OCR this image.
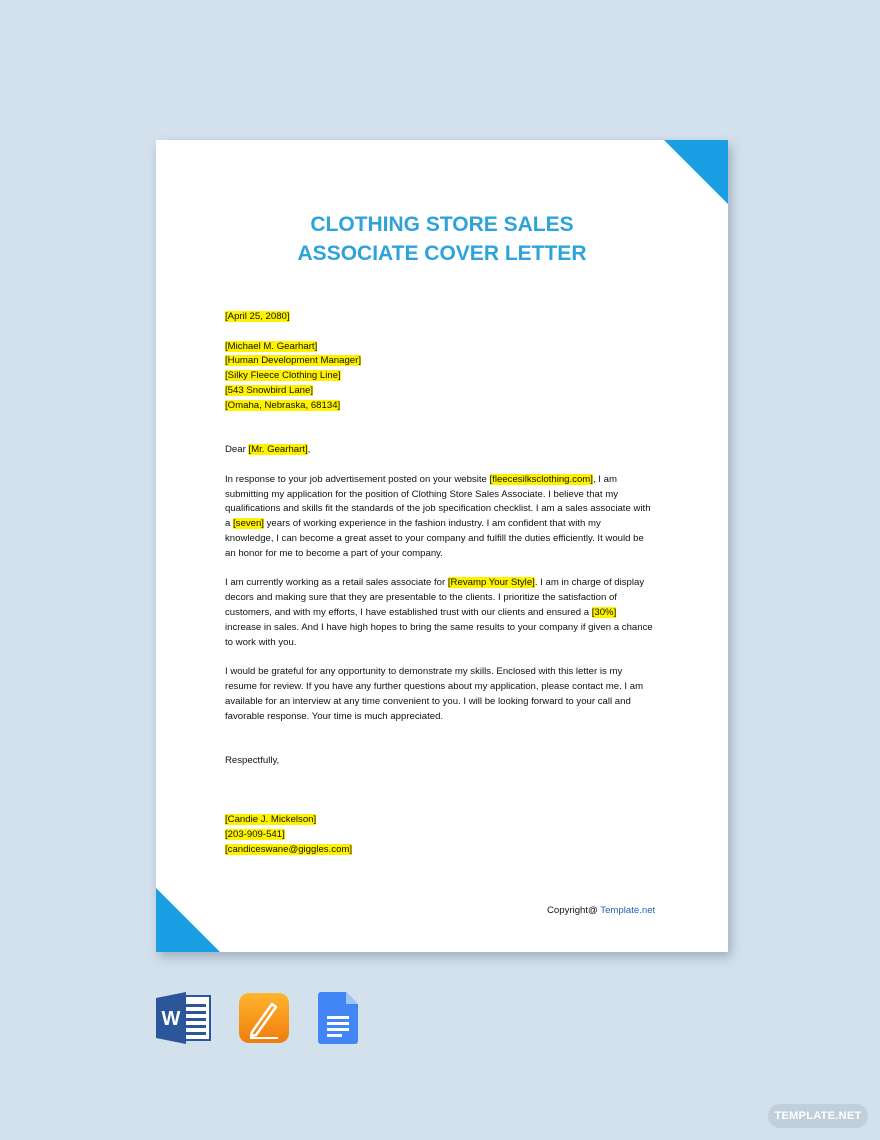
CLOTHING STORE SALES
ASSOCIATE COVER LETTER

[April 25, 2080]

[Michael M. Gearhart]

[Human Development Manager]

[Silky Fleece Clothing Line]

[543 Snowbird Lane]

[Omaha, Nebraska, 68134]

Dear [Mr. Gearhart],

In response to your job advertisement posted on your website [fleecesilksclothing.com], I am

submitting my application for the position of Clothing Store Sales Associate. I believe that my

qualifications and skills fit the standards of the job specification checklist. I am a sales associate with

a [seven] years of working experience in the fashion industry. I am confident that with my

knowledge, I can become a great asset to your company and fulfill the duties efficiently. It would be

an honor for me to become a part of your company.

I am currently working as a retail sales associate for [Revamp Your Style]. I am in charge of display

decors and making sure that they are presentable to the clients. I prioritize the satisfaction of

customers, and with my efforts, I have established trust with our clients and ensured a [30%]

increase in sales. And I have high hopes to bring the same results to your company if given a chance

to work with you.

I would be grateful for any opportunity to demonstrate my skills. Enclosed with this letter is my

resume for review. If you have any further questions about my application, please contact me. I am

available for an interview at any time convenient to you. I will be looking forward to your call and

favorable response. Your time is much appreciated.

Respectfully,

[Candie J. Mickelson]

[203-909-541]

[candiceswane@giggles.com]

Copyright@ Template.net
W
TEMPLATE.NET
